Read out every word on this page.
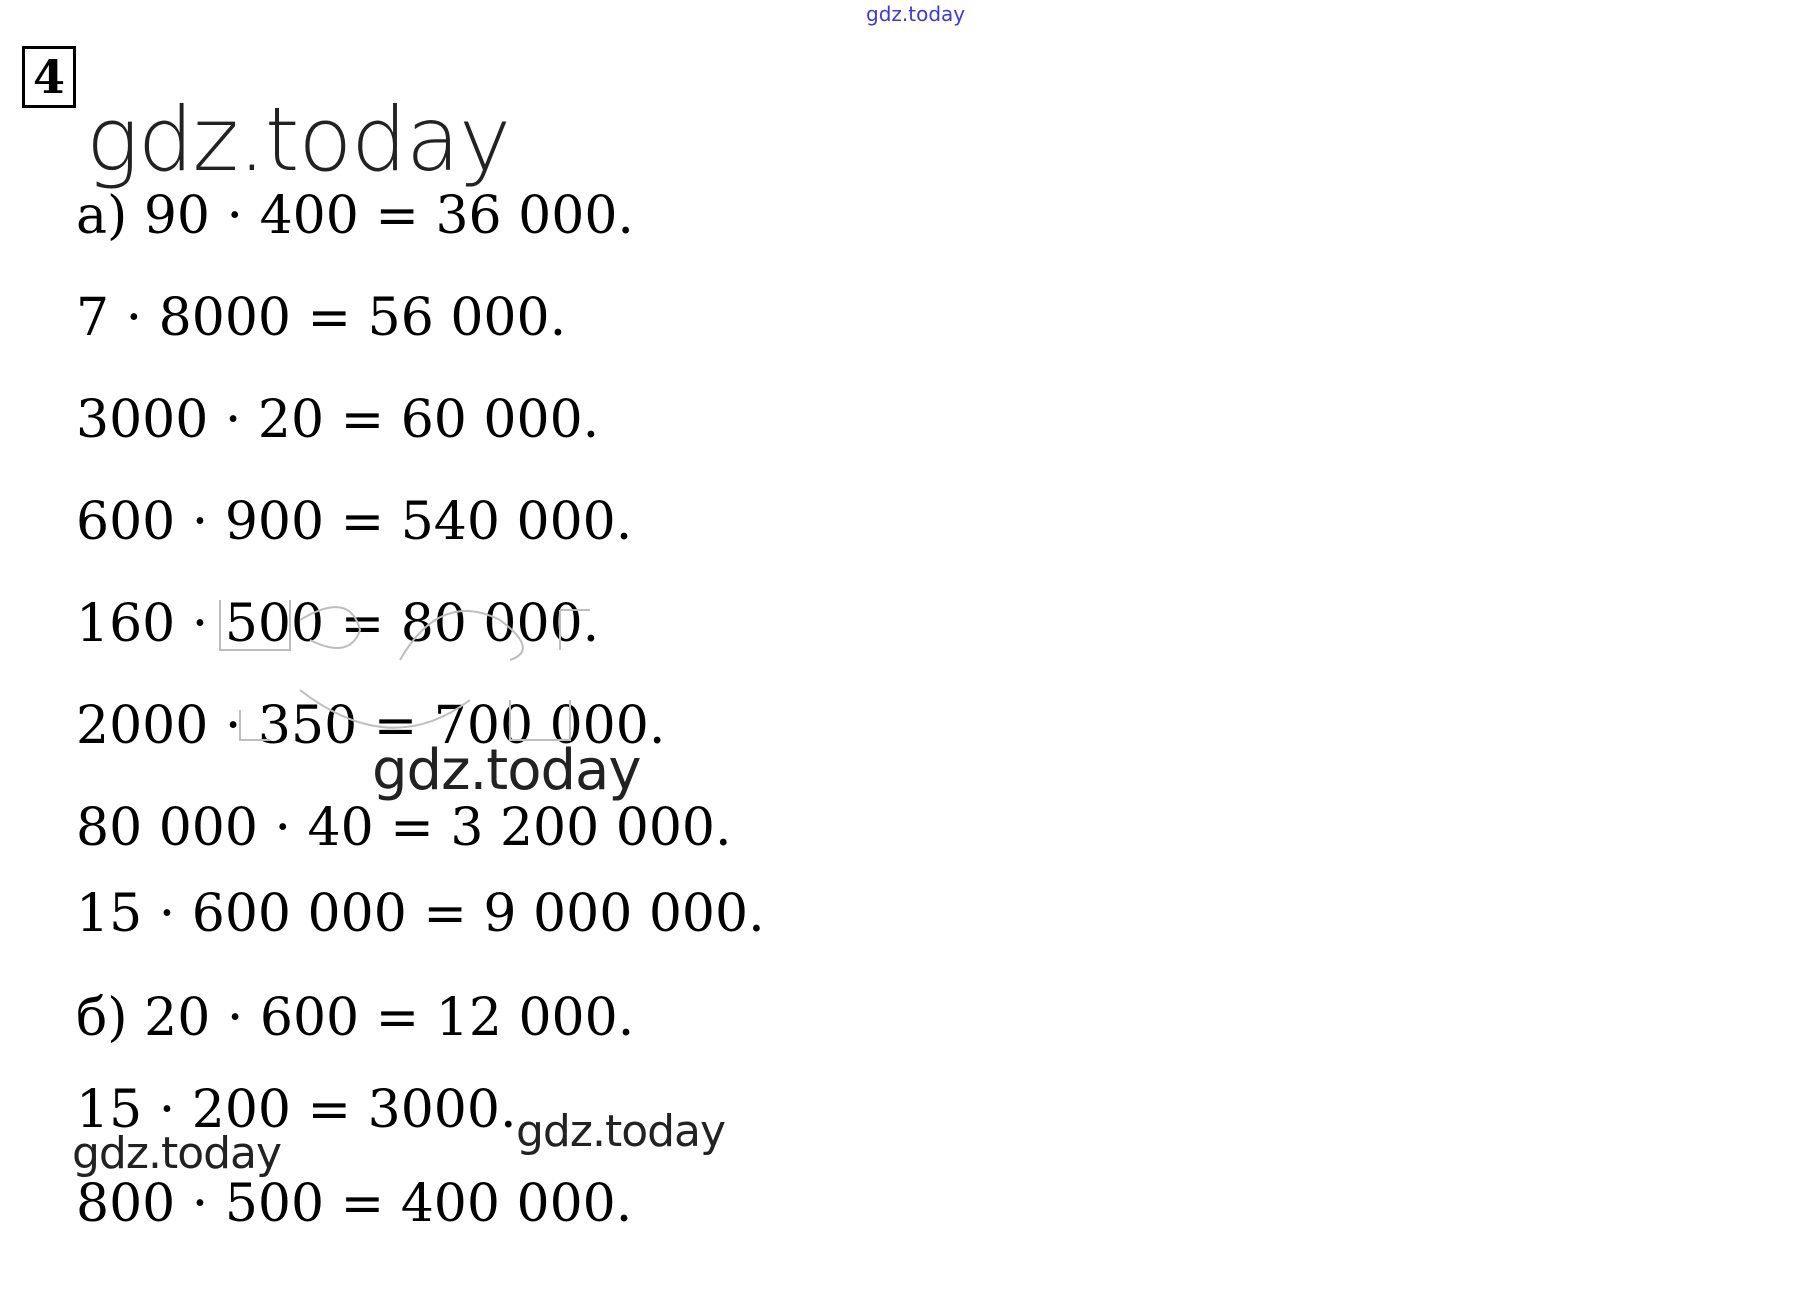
gdz.today
4
gdz.today
а) 90 · 400 = 36 000.
7 · 8000 = 56 000.
3000 · 20 = 60 000.
600 · 900 = 540 000.
160 · 500 = 80 000.
2000 · 350 = 700 000.
80 000 · 40 = 3 200 000.
15 · 600 000 = 9 000 000.
б) 20 · 600 = 12 000.
15 · 200 = 3000.
800 · 500 = 400 000.
gdz.today
gdz.today	gdz.today
